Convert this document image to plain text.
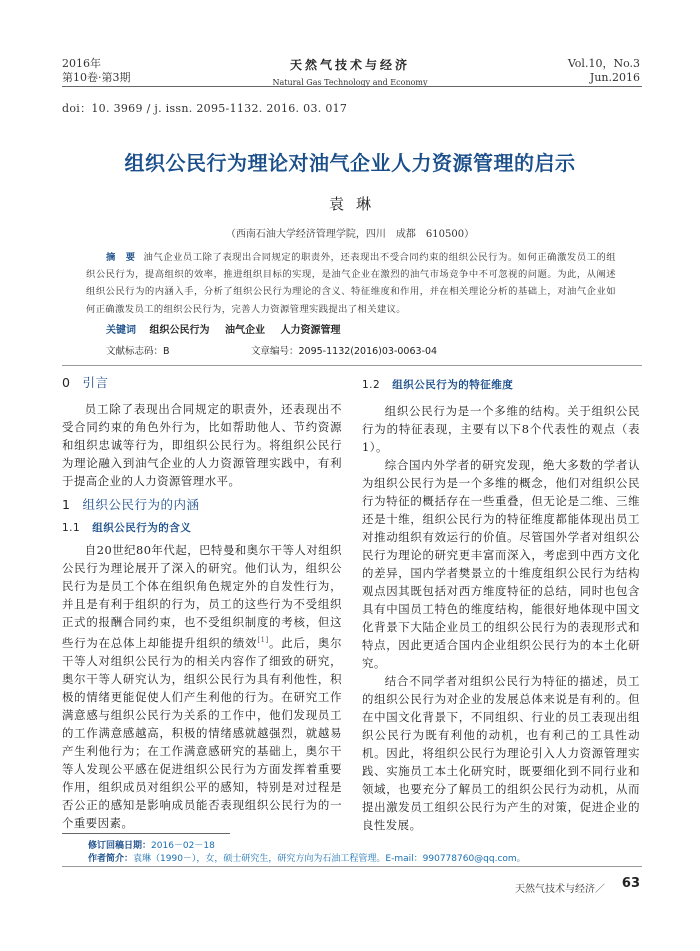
2016年
第10卷·第3期
天然气技术与经济
Natural Gas Technology and Economy
Vol.10，No.3
Jun.2016
doi：10. 3969 / j. issn. 2095-1132. 2016. 03. 017
组织公民行为理论对油气企业人力资源管理的启示
袁琳
（西南石油大学经济管理学院，四川　成都　610500）
摘　要 油气企业员工除了表现出合同规定的职责外，还表现出不受合同约束的组织公民行为。如何正确激发员工的组织公民行为，提高组织的效率，推进组织目标的实现，是油气企业在激烈的油气市场竞争中不可忽视的问题。为此，从阐述组织公民行为的内涵入手，分析了组织公民行为理论的含义、特征维度和作用，并在相关理论分析的基础上，对油气企业如何正确激发员工的组织公民行为，完善人力资源管理实践提出了相关建议。
关键词 组织公民行为 油气企业 人力资源管理
文献标志码：B	文章编号：2095-1132(2016)03-0063-04
0 引言

员工除了表现出合同规定的职责外，还表现出不受合同约束的角色外行为，比如帮助他人、节约资源和组织忠诚等行为，即组织公民行为。将组织公民行为理论融入到油气企业的人力资源管理实践中，有利于提高企业的人力资源管理水平。

1 组织公民行为的内涵
1.1 组织公民行为的含义

自20世纪80年代起，巴特曼和奥尔干等人对组织公民行为理论展开了深入的研究。他们认为，组织公民行为是员工个体在组织角色规定外的自发性行为，并且是有利于组织的行为，员工的这些行为不受组织正式的报酬合同约束，也不受组织制度的考核，但这些行为在总体上却能提升组织的绩效[1]。此后，奥尔干等人对组织公民行为的相关内容作了细致的研究，奥尔干等人研究认为，组织公民行为具有利他性，积极的情绪更能促使人们产生利他的行为。在研究工作满意感与组织公民行为关系的工作中，他们发现员工的工作满意感越高，积极的情绪感就越强烈，就越易产生利他行为；在工作满意感研究的基础上，奥尔干等人发现公平感在促进组织公民行为方面发挥着重要作用，组织成员对组织公平的感知，特别是对过程是否公正的感知是影响成员能否表现组织公民行为的一个重要因素。

1.2 组织公民行为的特征维度

组织公民行为是一个多维的结构。关于组织公民行为的特征表现，主要有以下8个代表性的观点（表1）。

综合国内外学者的研究发现，绝大多数的学者认为组织公民行为是一个多维的概念，他们对组织公民行为特征的概括存在一些重叠，但无论是二维、三维还是十维，组织公民行为的特征维度都能体现出员工对推动组织有效运行的价值。尽管国外学者对组织公民行为理论的研究更丰富而深入，考虑到中西方文化的差异，国内学者樊景立的十维度组织公民行为结构观点因其既包括对西方维度特征的总结，同时也包含具有中国员工特色的维度结构，能很好地体现中国文化背景下大陆企业员工的组织公民行为的表现形式和特点，因此更适合国内企业组织公民行为的本土化研究。

结合不同学者对组织公民行为特征的描述，员工的组织公民行为对企业的发展总体来说是有利的。但在中国文化背景下，不同组织、行业的员工表现出组织公民行为既有利他的动机，也有利己的工具性动机。因此，将组织公民行为理论引入人力资源管理实践、实施员工本土化研究时，既要细化到不同行业和领域，也要充分了解员工的组织公民行为动机，从而提出激发员工组织公民行为产生的对策，促进企业的良性发展。

修订回稿日期：2016－02－18
作者简介：袁琳（1990－），女，硕士研究生，研究方向为石油工程管理。E-mail：990778760@qq.com。
天然气技术与经济／ 63
